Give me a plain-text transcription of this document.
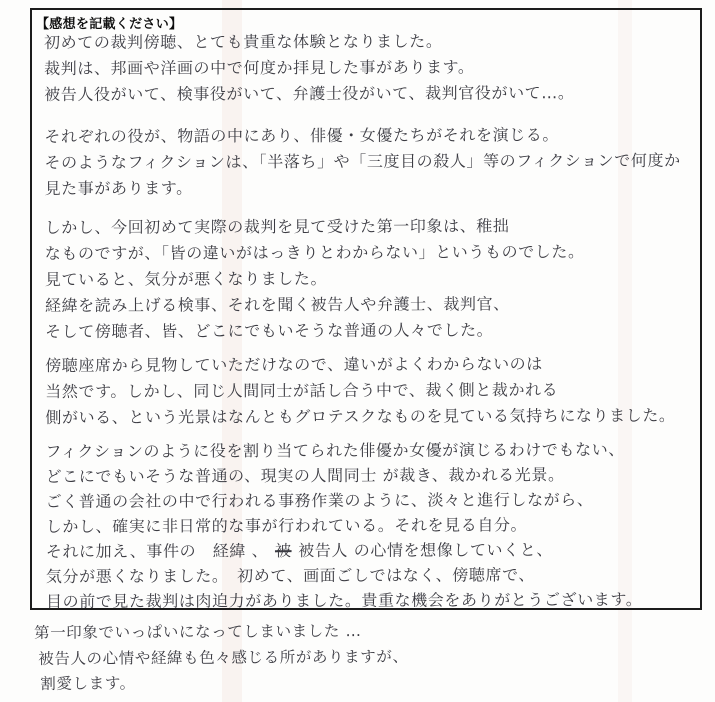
【感想を記載ください】
初めての裁判傍聴、とても貴重な体験となりました。
裁判は、邦画や洋画の中で何度か拝見した事があります。
被告人役がいて、検事役がいて、弁護士役がいて、裁判官役がいて…。
それぞれの役が、物語の中にあり、俳優・女優たちがそれを演じる。
そのようなフィクションは、「半落ち」や「三度目の殺人」等のフィクションで何度か
見た事があります。
しかし、今回初めて実際の裁判を見て受けた第一印象は、稚拙
なものですが、「皆の違いがはっきりとわからない」というものでした。
見ていると、気分が悪くなりました。
経緯を読み上げる検事、それを聞く被告人や弁護士、裁判官、
そして傍聴者、皆、どこにでもいそうな普通の人々でした。
傍聴座席から見物していただけなので、違いがよくわからないのは
当然です。しかし、同じ人間同士が話し合う中で、裁く側と裁かれる
側がいる、という光景はなんともグロテスクなものを見ている気持ちになりました。
フィクションのように役を割り当てられた俳優か女優が演じるわけでもない、
どこにでもいそうな普通の、現実の人間同士 が裁き、裁かれる光景。
ごく普通の会社の中で行われる事務作業のように、淡々と進行しながら、
しかし、確実に非日常的な事が行われている。それを見る自分。
それに加え、事件の　経緯 、 被 被告人 の心情を想像していくと、
気分が悪くなりました。　初めて、画面ごしではなく、傍聴席で、
目の前で見た裁判は肉迫力がありました。貴重な機会をありがとうございます。
第一印象でいっぱいになってしまいました …
被告人の心情や経緯も色々感じる所がありますが、
割愛します。
